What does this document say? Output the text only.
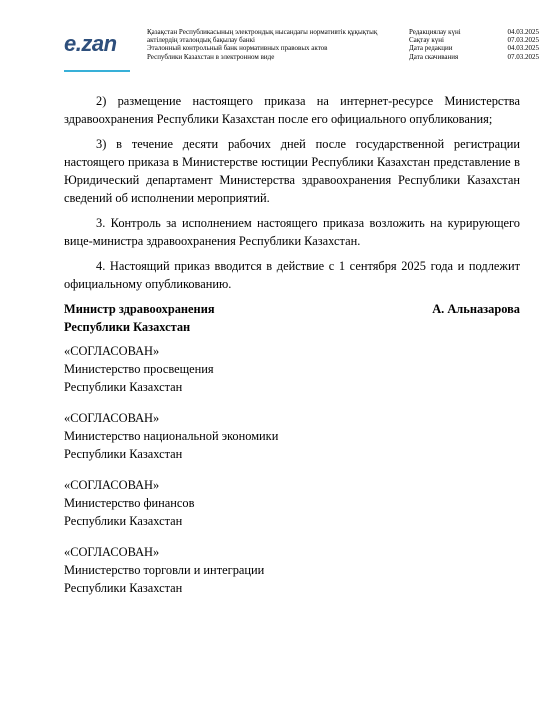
e.zan	Қазақстан Республикасының электрондық нысандағы нормативтік құқықтық
актілердің эталондық бақылау банкі
Эталонный контрольный банк нормативных правовых актов
Республики Казахстан в электронном виде
Редакциялау күні	04.03.2025
Сақтау күні	07.03.2025
Дата редакции	04.03.2025
Дата скачивания	07.03.2025

2) размещение настоящего приказа на интернет-ресурсе Министерства здравоохранения Республики Казахстан после его официального опубликования;

3) в течение десяти рабочих дней после государственной регистрации настоящего приказа в Министерстве юстиции Республики Казахстан представление в Юридический департамент Министерства здравоохранения Республики Казахстан сведений об исполнении мероприятий.

3. Контроль за исполнением настоящего приказа возложить на курирующего вице-министра здравоохранения Республики Казахстан.

4. Настоящий приказ вводится в действие с 1 сентября 2025 года и подлежит официальному опубликованию.

Министр здравоохранения	А. Альназарова
Республики Казахстан
«СОГЛАСОВАН»
Министерство просвещения
Республики Казахстан
«СОГЛАСОВАН»
Министерство национальной экономики
Республики Казахстан
«СОГЛАСОВАН»
Министерство финансов
Республики Казахстан
«СОГЛАСОВАН»
Министерство торговли и интеграции
Республики Казахстан
